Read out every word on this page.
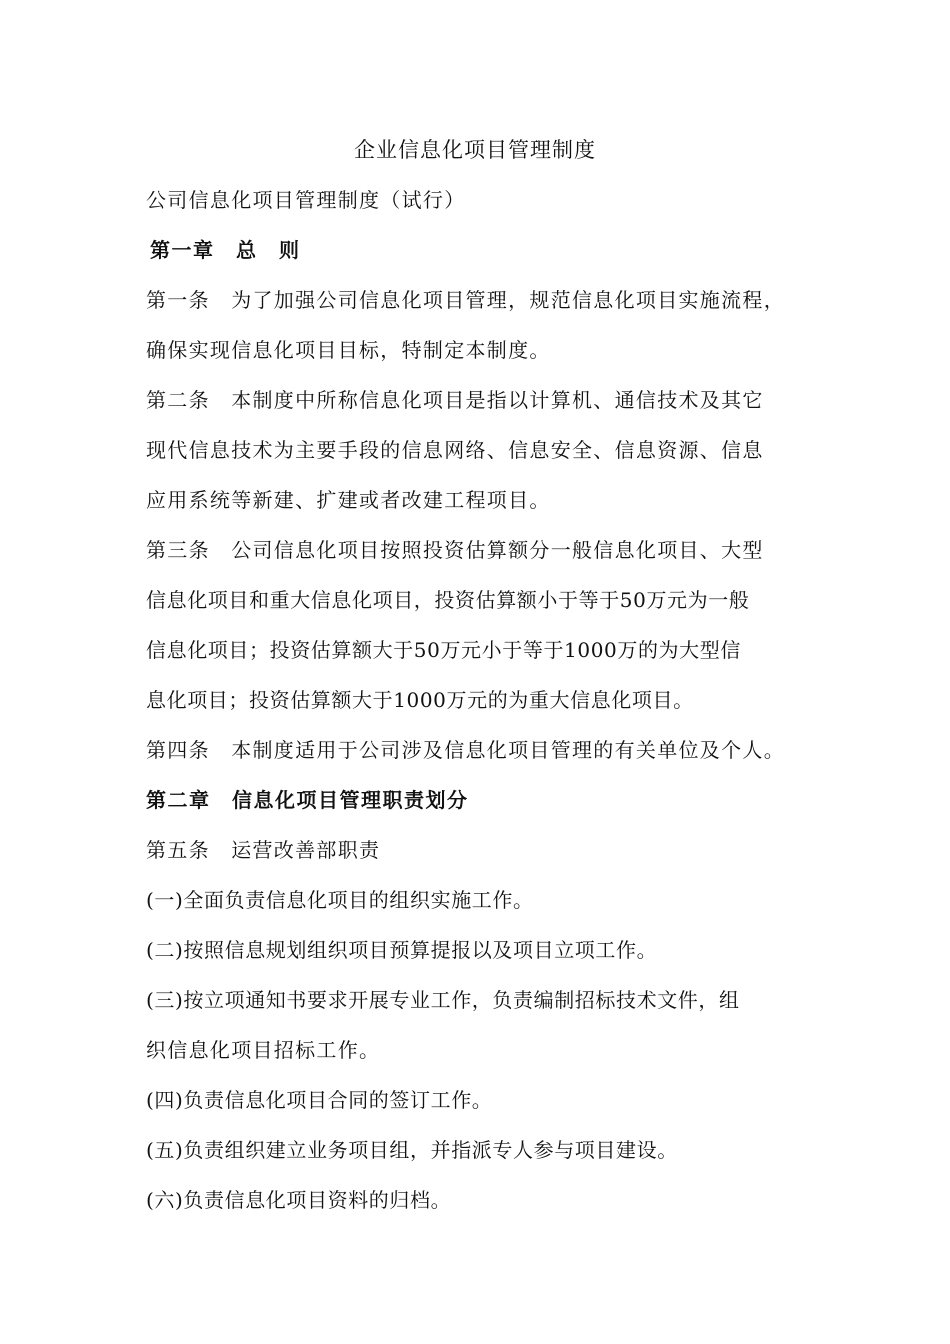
企业信息化项目管理制度
公司信息化项目管理制度（试行）
第一章　总　则
第一条　为了加强公司信息化项目管理，规范信息化项目实施流程，
确保实现信息化项目目标，特制定本制度。
第二条　本制度中所称信息化项目是指以计算机、通信技术及其它
现代信息技术为主要手段的信息网络、信息安全、信息资源、信息
应用系统等新建、扩建或者改建工程项目。
第三条　公司信息化项目按照投资估算额分一般信息化项目、大型
信息化项目和重大信息化项目，投资估算额小于等于50万元为一般
信息化项目；投资估算额大于50万元小于等于1000万的为大型信
息化项目；投资估算额大于1000万元的为重大信息化项目。
第四条　本制度适用于公司涉及信息化项目管理的有关单位及个人。
第二章　信息化项目管理职责划分
第五条　运营改善部职责
(一)全面负责信息化项目的组织实施工作。
(二)按照信息规划组织项目预算提报以及项目立项工作。
(三)按立项通知书要求开展专业工作，负责编制招标技术文件，组
织信息化项目招标工作。
(四)负责信息化项目合同的签订工作。
(五)负责组织建立业务项目组，并指派专人参与项目建设。
(六)负责信息化项目资料的归档。
